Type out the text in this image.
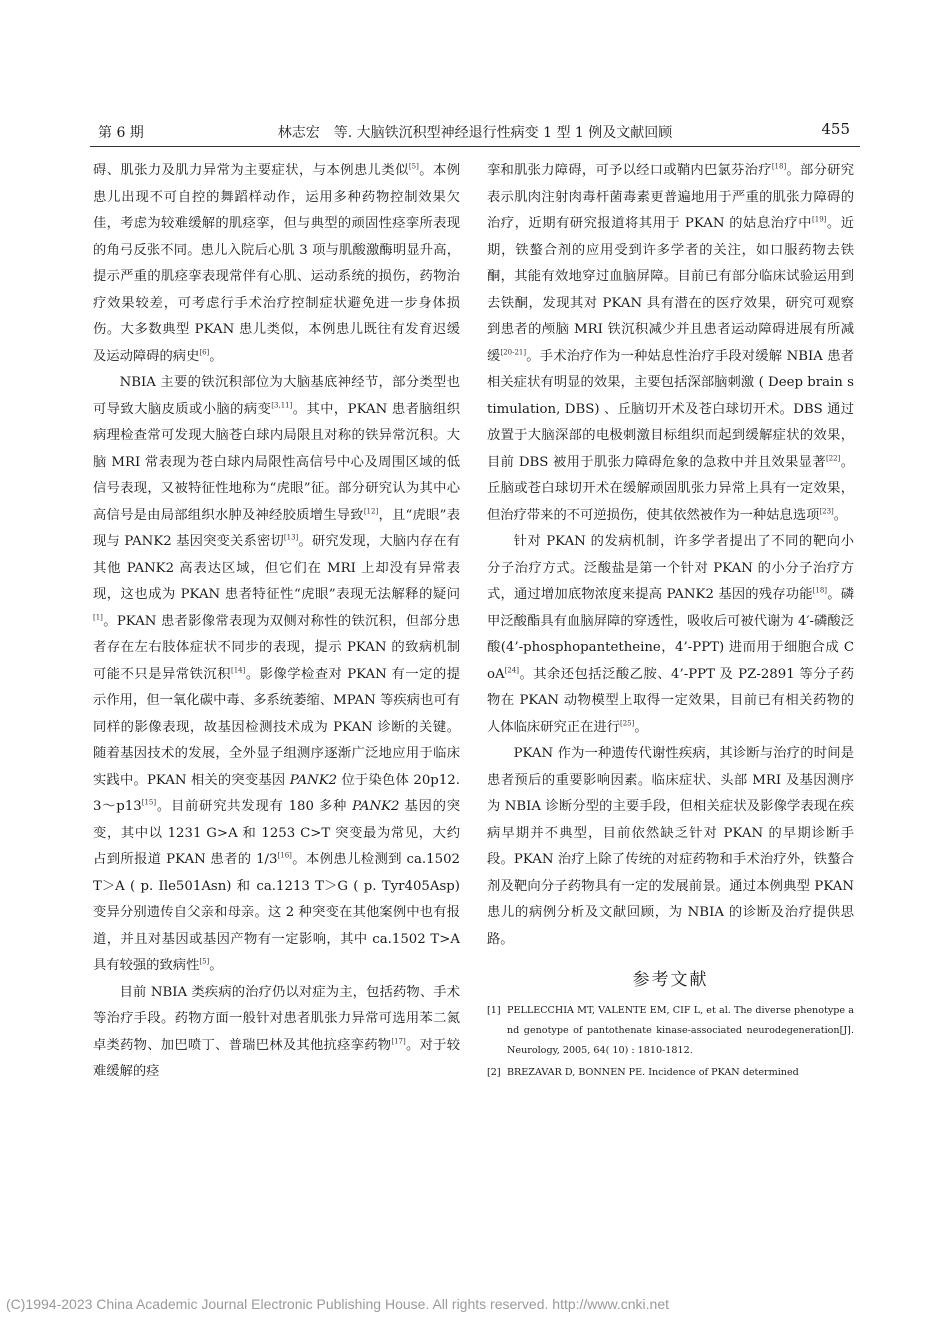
第 6 期	林志宏　等. 大脑铁沉积型神经退行性病变 1 型 1 例及文献回顾	455

碍、肌张力及肌力异常为主要症状，与本例患儿类似[5]。本例患儿出现不可自控的舞蹈样动作，运用多种药物控制效果欠佳，考虑为较难缓解的肌痉挛，但与典型的顽固性痉挛所表现的角弓反张不同。患儿入院后心肌 3 项与肌酸激酶明显升高，提示严重的肌痉挛表现常伴有心肌、运动系统的损伤，药物治疗效果较差，可考虑行手术治疗控制症状避免进一步身体损伤。大多数典型 PKAN 患儿类似，本例患儿既往有发育迟缓及运动障碍的病史[6]。

NBIA 主要的铁沉积部位为大脑基底神经节，部分类型也可导致大脑皮质或小脑的病变[3,11]。其中，PKAN 患者脑组织病理检查常可发现大脑苍白球内局限且对称的铁异常沉积。大脑 MRI 常表现为苍白球内局限性高信号中心及周围区域的低信号表现，又被特征性地称为“虎眼”征。部分研究认为其中心高信号是由局部组织水肿及神经胶质增生导致[12]，且“虎眼”表现与 PANK2 基因突变关系密切[13]。研究发现，大脑内存在有其他 PANK2 高表达区域，但它们在 MRI 上却没有异常表现，这也成为 PKAN 患者特征性“虎眼”表现无法解释的疑问[1]。PKAN 患者影像常表现为双侧对称性的铁沉积，但部分患者存在左右肢体症状不同步的表现，提示 PKAN 的致病机制可能不只是异常铁沉积[14]。影像学检查对 PKAN 有一定的提示作用，但一氧化碳中毒、多系统萎缩、MPAN 等疾病也可有同样的影像表现，故基因检测技术成为 PKAN 诊断的关键。随着基因技术的发展，全外显子组测序逐渐广泛地应用于临床实践中。PKAN 相关的突变基因 PANK2 位于染色体 20p12. 3～p13[15]。目前研究共发现有 180 多种 PANK2 基因的突变，其中以 1231 G>A 和 1253 C>T 突变最为常见，大约占到所报道 PKAN 患者的 1/3[16]。本例患儿检测到 ca.1502 T＞A ( p. Ile501Asn) 和 ca.1213 T＞G ( p. Tyr405Asp) 变异分别遗传自父亲和母亲。这 2 种突变在其他案例中也有报道，并且对基因或基因产物有一定影响，其中 ca.1502 T>A 具有较强的致病性[5]。

目前 NBIA 类疾病的治疗仍以对症为主，包括药物、手术等治疗手段。药物方面一般针对患者肌张力异常可选用苯二氮卓类药物、加巴喷丁、普瑞巴林及其他抗痉挛药物[17]。对于较难缓解的痉

挛和肌张力障碍，可予以经口或鞘内巴氯芬治疗[18]。部分研究表示肌肉注射肉毒杆菌毒素更普遍地用于严重的肌张力障碍的治疗，近期有研究报道将其用于 PKAN 的姑息治疗中[19]。近期，铁螯合剂的应用受到许多学者的关注，如口服药物去铁酮，其能有效地穿过血脑屏障。目前已有部分临床试验运用到去铁酮，发现其对 PKAN 具有潜在的医疗效果，研究可观察到患者的颅脑 MRI 铁沉积减少并且患者运动障碍进展有所减缓[20-21]。手术治疗作为一种姑息性治疗手段对缓解 NBIA 患者相关症状有明显的效果，主要包括深部脑刺激 ( Deep brain stimulation, DBS) 、丘脑切开术及苍白球切开术。DBS 通过放置于大脑深部的电极刺激目标组织而起到缓解症状的效果，目前 DBS 被用于肌张力障碍危象的急救中并且效果显著[22]。丘脑或苍白球切开术在缓解顽固肌张力异常上具有一定效果，但治疗带来的不可逆损伤，使其依然被作为一种姑息选项[23]。

针对 PKAN 的发病机制，许多学者提出了不同的靶向小分子治疗方式。泛酸盐是第一个针对 PKAN 的小分子治疗方式，通过增加底物浓度来提高 PANK2 基因的残存功能[18]。磷甲泛酸酯具有血脑屏障的穿透性，吸收后可被代谢为 4′-磷酸泛酸(4’-phosphopantetheine，4’-PPT) 进而用于细胞合成 CoA[24]。其余还包括泛酸乙胺、4’-PPT 及 PZ-2891 等分子药物在 PKAN 动物模型上取得一定效果，目前已有相关药物的人体临床研究正在进行[25]。

PKAN 作为一种遗传代谢性疾病，其诊断与治疗的时间是患者预后的重要影响因素。临床症状、头部 MRI 及基因测序为 NBIA 诊断分型的主要手段，但相关症状及影像学表现在疾病早期并不典型，目前依然缺乏针对 PKAN 的早期诊断手段。PKAN 治疗上除了传统的对症药物和手术治疗外，铁螯合剂及靶向分子药物具有一定的发展前景。通过本例典型 PKAN 患儿的病例分析及文献回顾，为 NBIA 的诊断及治疗提供思路。

参考文献
[1] PELLECCHIA MT, VALENTE EM, CIF L, et al. The diverse phenotype and genotype of pantothenate kinase-associated neurodegeneration[J]. Neurology, 2005, 64( 10) : 1810-1812.
[2] BREZAVAR D, BONNEN PE. Incidence of PKAN determined
(C)1994-2023 China Academic Journal Electronic Publishing House. All rights reserved. http://www.cnki.net
